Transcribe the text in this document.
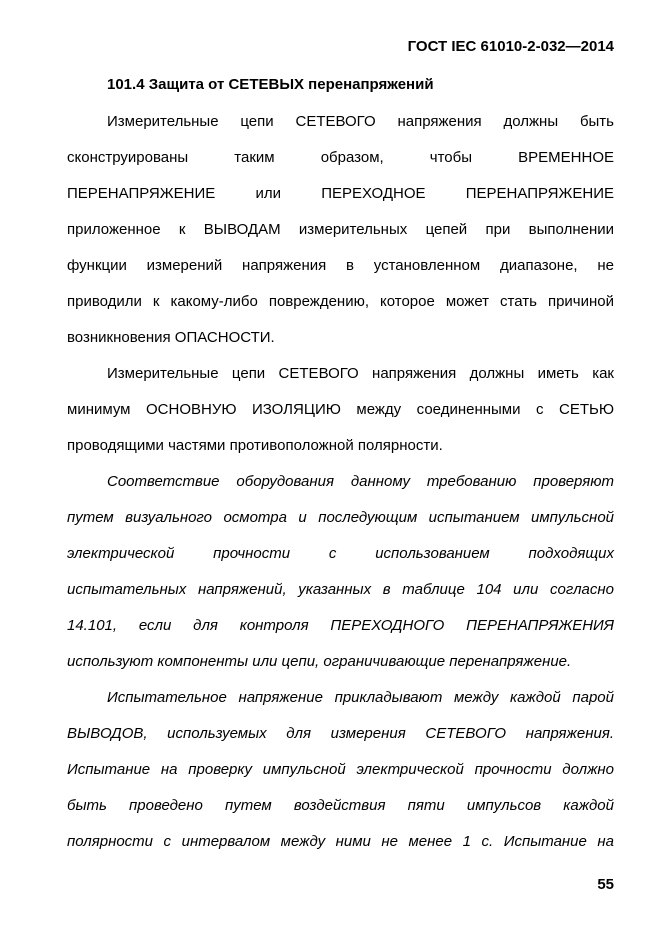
ГОСТ IEC 61010-2-032—2014
101.4 Защита от СЕТЕВЫХ перенапряжений
Измерительные цепи СЕТЕВОГО напряжения должны быть
сконструированы таким образом, чтобы ВРЕМЕННОЕ
ПЕРЕНАПРЯЖЕНИЕ или ПЕРЕХОДНОЕ ПЕРЕНАПРЯЖЕНИЕ
приложенное к ВЫВОДАМ измерительных цепей при выполнении
функции измерений напряжения в установленном диапазоне, не
приводили к какому-либо повреждению, которое может стать причиной
возникновения ОПАСНОСТИ.
Измерительные цепи СЕТЕВОГО напряжения должны иметь как
минимум ОСНОВНУЮ ИЗОЛЯЦИЮ между соединенными с СЕТЬЮ
проводящими частями противоположной полярности.
Соответствие оборудования данному требованию проверяют
путем визуального осмотра и последующим испытанием импульсной
электрической прочности с использованием подходящих
испытательных напряжений, указанных в таблице 104 или согласно
14.101, если для контроля ПЕРЕХОДНОГО ПЕРЕНАПРЯЖЕНИЯ
используют компоненты или цепи, ограничивающие перенапряжение.
Испытательное напряжение прикладывают между каждой парой
ВЫВОДОВ, используемых для измерения СЕТЕВОГО напряжения.
Испытание на проверку импульсной электрической прочности должно
быть проведено путем воздействия пяти импульсов каждой
полярности с интервалом между ними не менее 1 с. Испытание на
55
